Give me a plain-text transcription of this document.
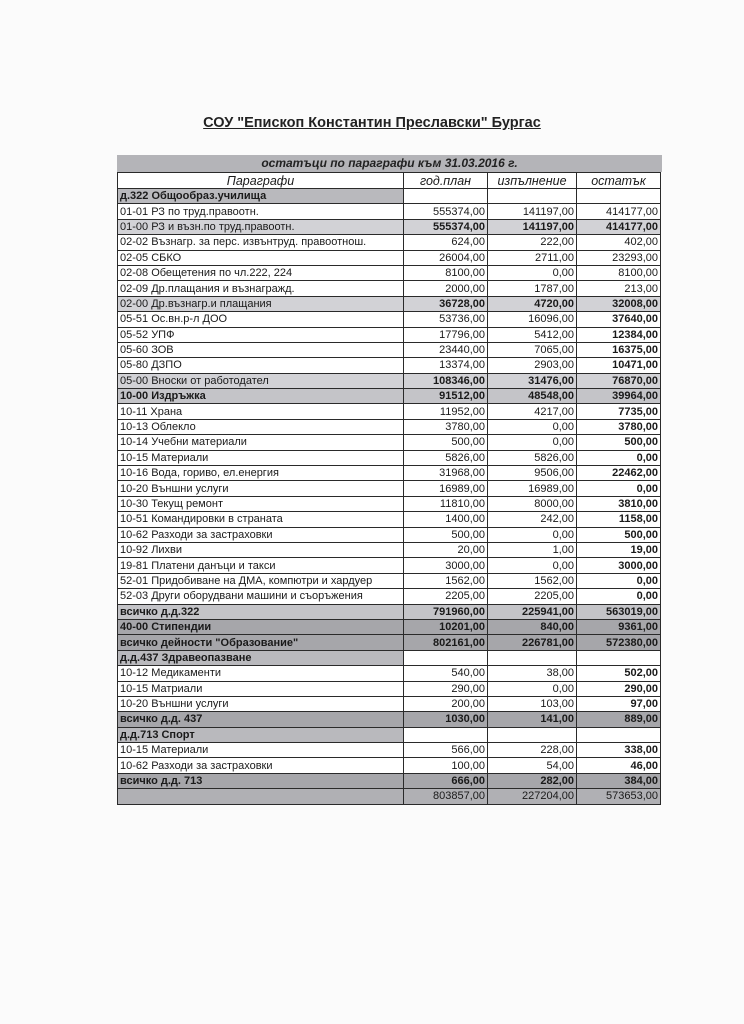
СОУ "Епископ Константин Преславски" Бургас
остатъци по параграфи към 31.03.2016 г.
Параграфи	год.план	изпълнение	остатък
д.322 Общообраз.училища			
01-01 РЗ по труд.правоотн.	555374,00	141197,00	414177,00
01-00 РЗ и възн.по труд.правоотн.	555374,00	141197,00	414177,00
02-02 Възнагр. за перс. извънтруд. правоотнош.	624,00	222,00	402,00
02-05 СБКО	26004,00	2711,00	23293,00
02-08 Обещетения по чл.222, 224	8100,00	0,00	8100,00
02-09 Др.плащания и възнагражд.	2000,00	1787,00	213,00
02-00 Др.възнагр.и плащания	36728,00	4720,00	32008,00
05-51 Ос.вн.р-л ДОО	53736,00	16096,00	37640,00
05-52 УПФ	17796,00	5412,00	12384,00
05-60 ЗОВ	23440,00	7065,00	16375,00
05-80 ДЗПО	13374,00	2903,00	10471,00
05-00 Вноски от работодател	108346,00	31476,00	76870,00
10-00 Издръжка	91512,00	48548,00	39964,00
10-11 Храна	11952,00	4217,00	7735,00
10-13 Облекло	3780,00	0,00	3780,00
10-14 Учебни материали	500,00	0,00	500,00
10-15 Материали	5826,00	5826,00	0,00
10-16 Вода, гориво, ел.енергия	31968,00	9506,00	22462,00
10-20 Външни услуги	16989,00	16989,00	0,00
10-30 Текущ ремонт	11810,00	8000,00	3810,00
10-51 Командировки в страната	1400,00	242,00	1158,00
10-62 Разходи за застраховки	500,00	0,00	500,00
10-92 Лихви	20,00	1,00	19,00
19-81 Платени данъци и такси	3000,00	0,00	3000,00
52-01 Придобиване на ДМА, компютри и хардуер	1562,00	1562,00	0,00
52-03 Други оборудвани машини и съоръжения	2205,00	2205,00	0,00
всичко д.д.322	791960,00	225941,00	563019,00
40-00 Стипендии	10201,00	840,00	9361,00
всичко дейности "Образование"	802161,00	226781,00	572380,00
д.д.437 Здравеопазване			
10-12 Медикаменти	540,00	38,00	502,00
10-15 Матриали	290,00	0,00	290,00
10-20 Външни услуги	200,00	103,00	97,00
всичко д.д. 437	1030,00	141,00	889,00
д.д.713 Спорт			
10-15 Материали	566,00	228,00	338,00
10-62 Разходи за застраховки	100,00	54,00	46,00
всичко д.д. 713	666,00	282,00	384,00
	803857,00	227204,00	573653,00
